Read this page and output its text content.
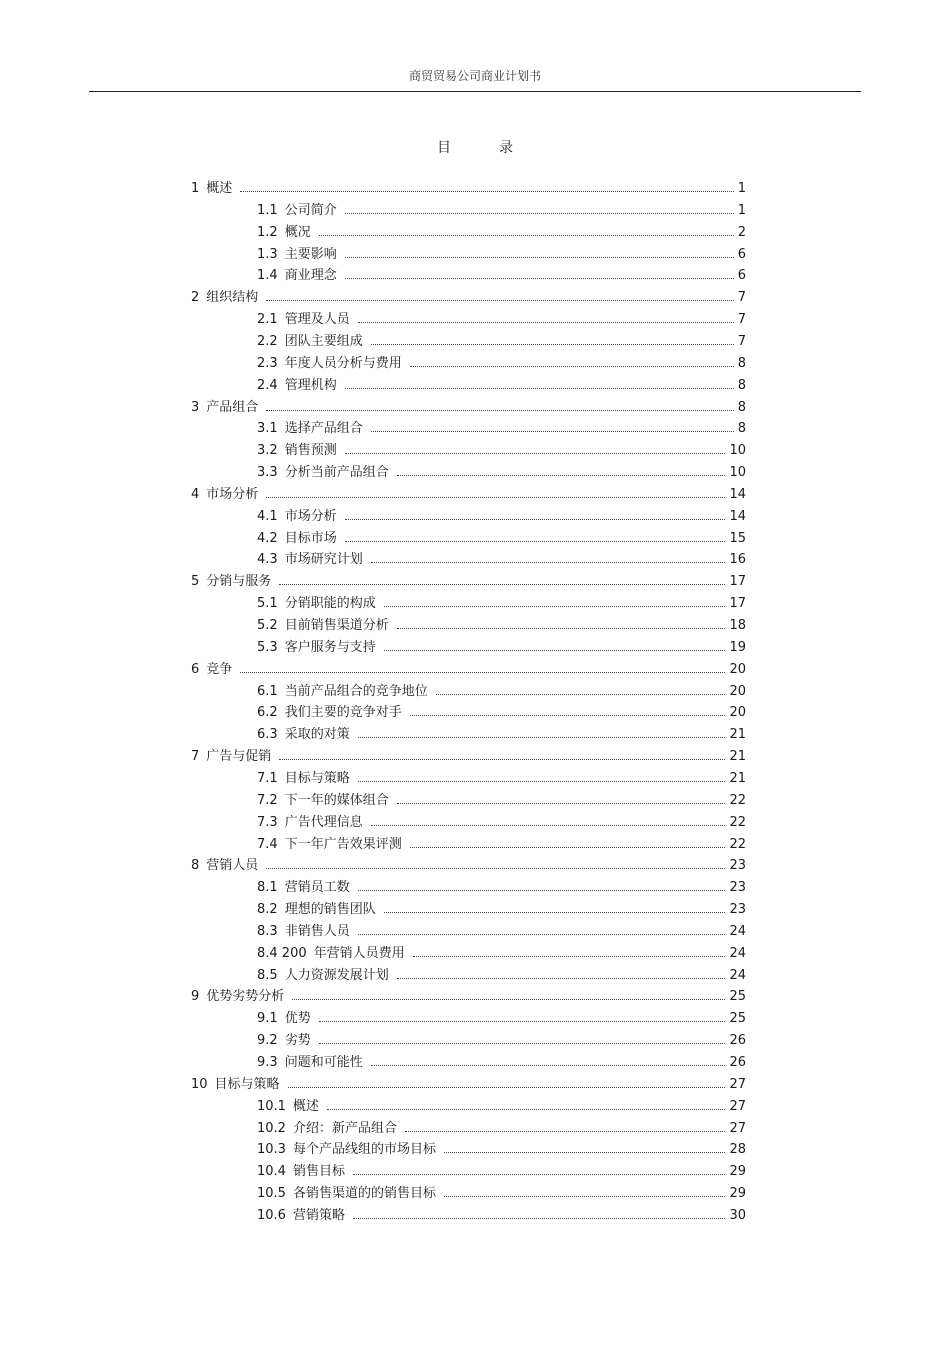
商贸贸易公司商业计划书
目	录
1 概述	1
1.1 公司简介	1
1.2 概况	2
1.3 主要影响	6
1.4 商业理念	6
2 组织结构	7
2.1 管理及人员	7
2.2 团队主要组成	7
2.3 年度人员分析与费用	8
2.4 管理机构	8
3 产品组合	8
3.1 选择产品组合	8
3.2 销售预测	10
3.3 分析当前产品组合	10
4 市场分析	14
4.1 市场分析	14
4.2 目标市场	15
4.3 市场研究计划	16
5 分销与服务	17
5.1 分销职能的构成	17
5.2 目前销售渠道分析	18
5.3 客户服务与支持	19
6 竞争	20
6.1 当前产品组合的竞争地位	20
6.2 我们主要的竞争对手	20
6.3 采取的对策	21
7 广告与促销	21
7.1 目标与策略	21
7.2 下一年的媒体组合	22
7.3 广告代理信息	22
7.4 下一年广告效果评测	22
8 营销人员	23
8.1 营销员工数	23
8.2 理想的销售团队	23
8.3 非销售人员	24
8.4 200 年营销人员费用	24
8.5 人力资源发展计划	24
9 优势劣势分析	25
9.1 优势	25
9.2 劣势	26
9.3 问题和可能性	26
10 目标与策略	27
10.1 概述	27
10.2 介绍：新产品组合	27
10.3 每个产品线组的市场目标	28
10.4 销售目标	29
10.5 各销售渠道的的销售目标	29
10.6 营销策略	30
